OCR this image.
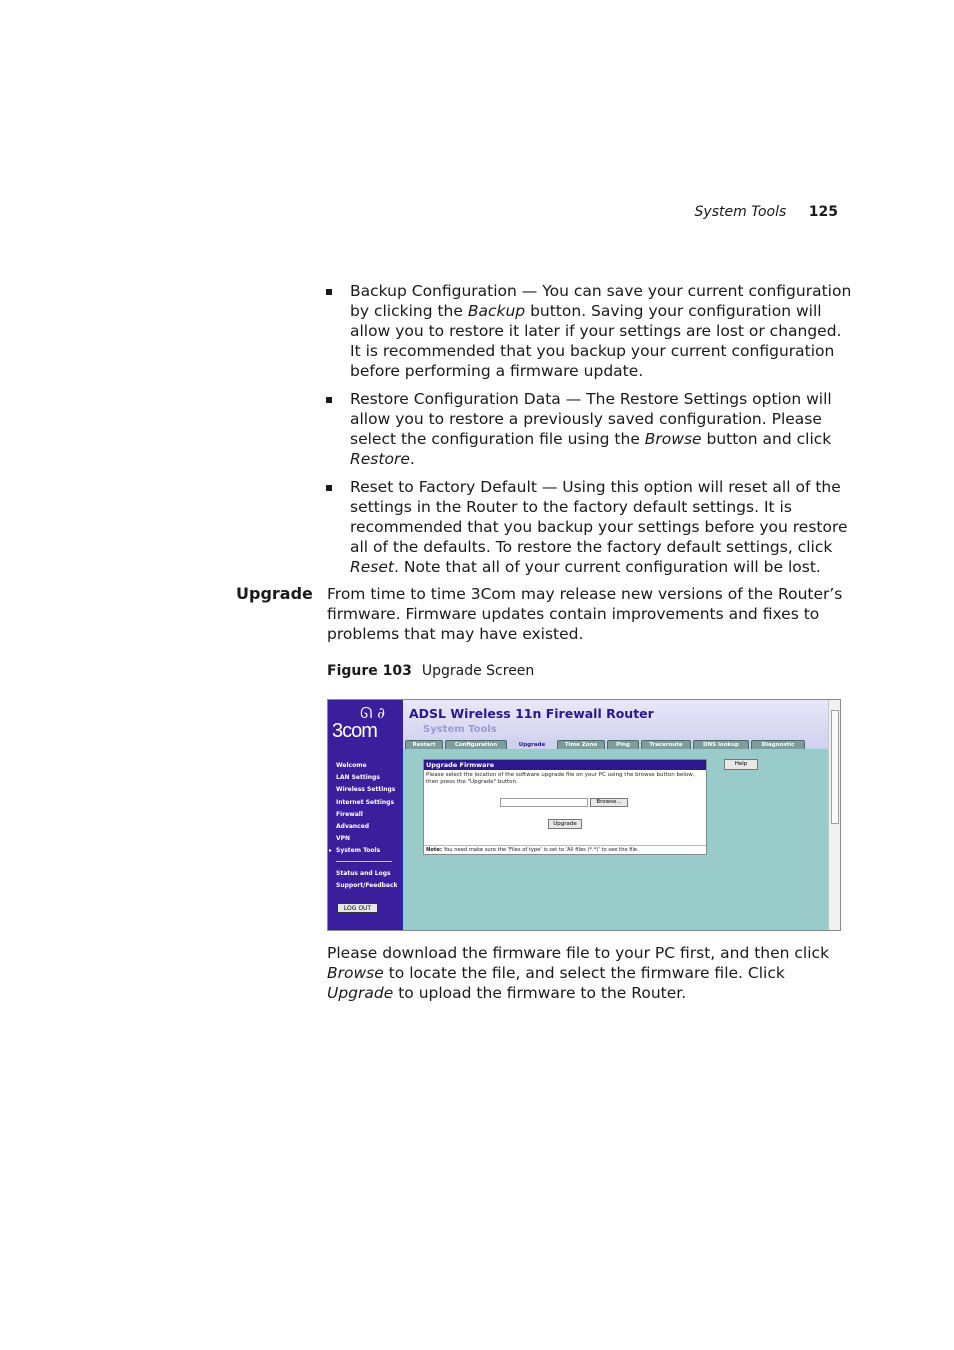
System Tools 125
Backup Configuration — You can save your current configuration by clicking the Backup button. Saving your configuration will allow you to restore it later if your settings are lost or changed. It is recommended that you backup your current configuration before performing a firmware update.
Restore Configuration Data — The Restore Settings option will allow you to restore a previously saved configuration. Please select the configuration file using the Browse button and click Restore.
Reset to Factory Default — Using this option will reset all of the settings in the Router to the factory default settings. It is recommended that you backup your settings before you restore all of the defaults. To restore the factory default settings, click Reset. Note that all of your current configuration will be lost.
Upgrade From time to time 3Com may release new versions of the Router’s firmware. Firmware updates contain improvements and fixes to problems that may have existed.

Figure 103 Upgrade Screen
ᘏ ∂
3com
Welcome
LAN Settings
Wireless Settings
Internet Settings
Firewall
Advanced
VPN
▸ System Tools
Status and Logs
Support/Feedback
LOG OUT
ADSL Wireless 11n Firewall Router
System Tools
Restart	Configuration	Upgrade	Time Zone	Ping	Traceroute	DNS lookup	Diagnostic
Upgrade Firmware
Please select the location of the software upgrade file on your PC using the browse button below, then press the "Upgrade" button.
Browse...
Upgrade
Note: You need make sure the 'Files of type' is set to 'All files (*.*)' to see the file.
Help

Please download the firmware file to your PC first, and then click Browse to locate the file, and select the firmware file. Click Upgrade to upload the firmware to the Router.
